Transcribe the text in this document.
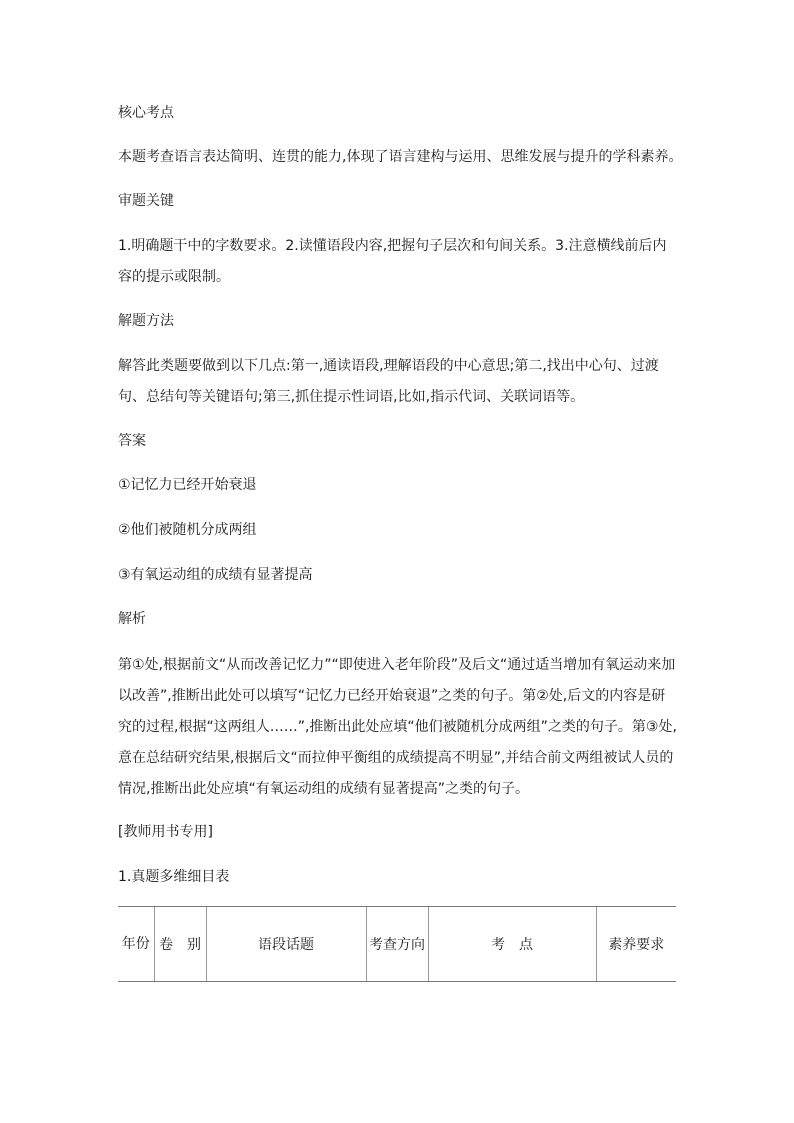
核心考点
本题考查语言表达简明、连贯的能力,体现了语言建构与运用、思维发展与提升的学科素养。
审题关键
1.明确题干中的字数要求。2.读懂语段内容,把握句子层次和句间关系。3.注意横线前后内容的提示或限制。
解题方法
解答此类题要做到以下几点:第一,通读语段,理解语段的中心意思;第二,找出中心句、过渡句、总结句等关键语句;第三,抓住提示性词语,比如,指示代词、关联词语等。
答案
①记忆力已经开始衰退
②他们被随机分成两组
③有氧运动组的成绩有显著提高
解析
第①处,根据前文“从而改善记忆力”“即使进入老年阶段”及后文“通过适当增加有氧运动来加以改善”,推断出此处可以填写“记忆力已经开始衰退”之类的句子。第②处,后文的内容是研究的过程,根据“这两组人……”,推断出此处应填“他们被随机分成两组”之类的句子。第③处,意在总结研究结果,根据后文“而拉伸平衡组的成绩提高不明显”,并结合前文两组被试人员的情况,推断出此处应填“有氧运动组的成绩有显著提高”之类的句子。
[教师用书专用]
1.真题多维细目表
年份	卷　别	语段话题	考查方向	考　点	素养要求
